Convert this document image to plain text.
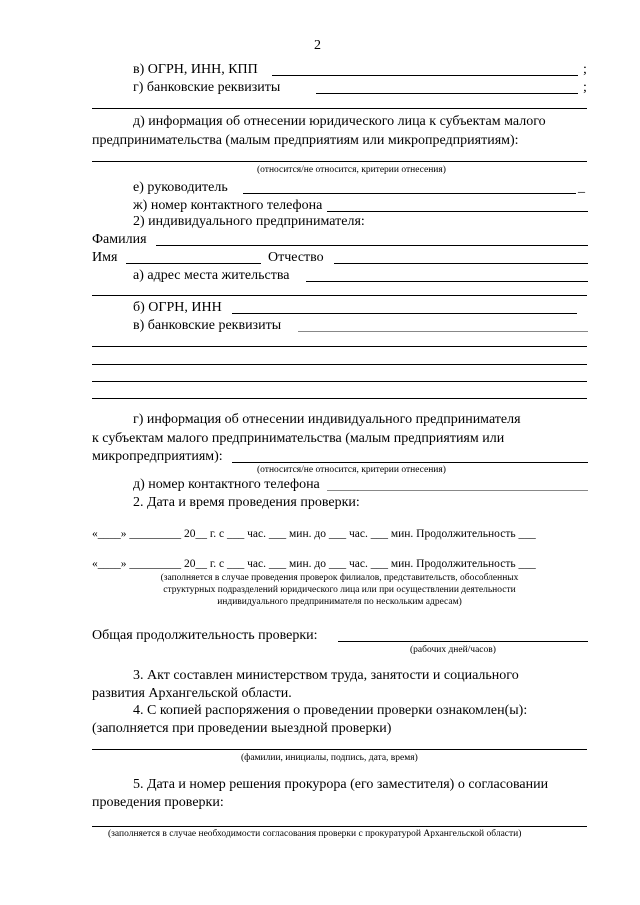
2
в) ОГРН, ИНН, КПП	;
г) банковские реквизиты	;
д) информация об отнесении юридического лица к субъектам малого
предпринимательства (малым предприятиям или микропредприятиям):
(относится/не относится, критерии отнесения)
е) руководитель	_
ж) номер контактного телефона
2) индивидуального предпринимателя:
Фамилия
Имя	Отчество
а) адрес места жительства
б) ОГРН, ИНН
в) банковские реквизиты
г) информация об отнесении индивидуального предпринимателя
к субъектам малого предпринимательства (малым предприятиям или
микропредприятиям):
(относится/не относится, критерии отнесения)
д) номер контактного телефона
2. Дата и время проведения проверки:
«____» _________ 20__ г. с ___ час. ___ мин. до ___ час. ___ мин. Продолжительность ___
«____» _________ 20__ г. с ___ час. ___ мин. до ___ час. ___ мин. Продолжительность ___
(заполняется в случае проведения проверок филиалов, представительств, обособленных
структурных подразделений юридического лица или при осуществлении деятельности
индивидуального предпринимателя по нескольким адресам)
Общая продолжительность проверки:
(рабочих дней/часов)
3. Акт составлен министерством труда, занятости и социального
развития Архангельской области.
4. С копией распоряжения о проведении проверки ознакомлен(ы):
(заполняется при проведении выездной проверки)
(фамилии, инициалы, подпись, дата, время)
5. Дата и номер решения прокурора (его заместителя) о согласовании
проведения проверки:
(заполняется в случае необходимости согласования проверки с прокуратурой Архангельской области)
